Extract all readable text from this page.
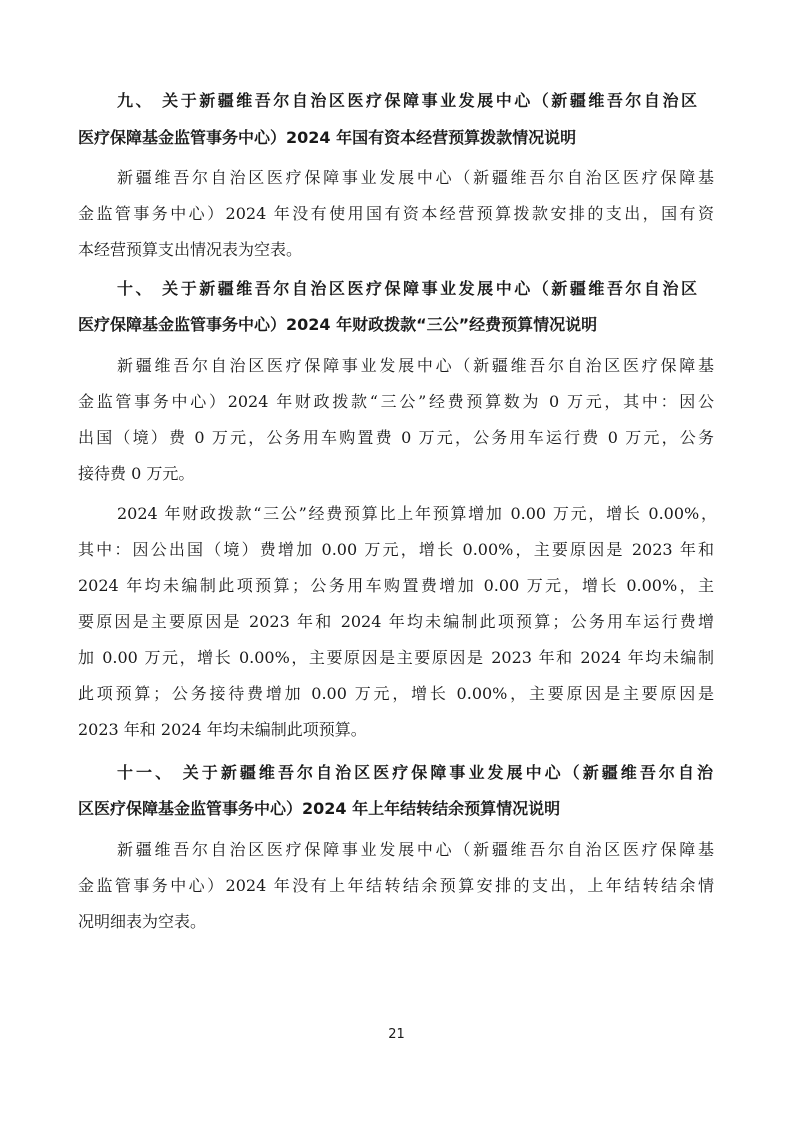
九、 关于新疆维吾尔自治区医疗保障事业发展中心（新疆维吾尔自治区
医疗保障基金监管事务中心）2024 年国有资本经营预算拨款情况说明
新疆维吾尔自治区医疗保障事业发展中心（新疆维吾尔自治区医疗保障基
金监管事务中心）2024 年没有使用国有资本经营预算拨款安排的支出，国有资
本经营预算支出情况表为空表。
十、 关于新疆维吾尔自治区医疗保障事业发展中心（新疆维吾尔自治区
医疗保障基金监管事务中心）2024 年财政拨款“三公”经费预算情况说明
新疆维吾尔自治区医疗保障事业发展中心（新疆维吾尔自治区医疗保障基
金监管事务中心）2024 年财政拨款“三公”经费预算数为 0 万元，其中：因公
出国（境）费 0 万元，公务用车购置费 0 万元，公务用车运行费 0 万元，公务
接待费 0 万元。
2024 年财政拨款“三公”经费预算比上年预算增加 0.00 万元，增长 0.00%，
其中：因公出国（境）费增加 0.00 万元，增长 0.00%，主要原因是 2023 年和
2024 年均未编制此项预算；公务用车购置费增加 0.00 万元，增长 0.00%，主
要原因是主要原因是 2023 年和 2024 年均未编制此项预算；公务用车运行费增
加 0.00 万元，增长 0.00%，主要原因是主要原因是 2023 年和 2024 年均未编制
此项预算；公务接待费增加 0.00 万元，增长 0.00%，主要原因是主要原因是
2023 年和 2024 年均未编制此项预算。
十一、 关于新疆维吾尔自治区医疗保障事业发展中心（新疆维吾尔自治
区医疗保障基金监管事务中心）2024 年上年结转结余预算情况说明
新疆维吾尔自治区医疗保障事业发展中心（新疆维吾尔自治区医疗保障基
金监管事务中心）2024 年没有上年结转结余预算安排的支出，上年结转结余情
况明细表为空表。
21
